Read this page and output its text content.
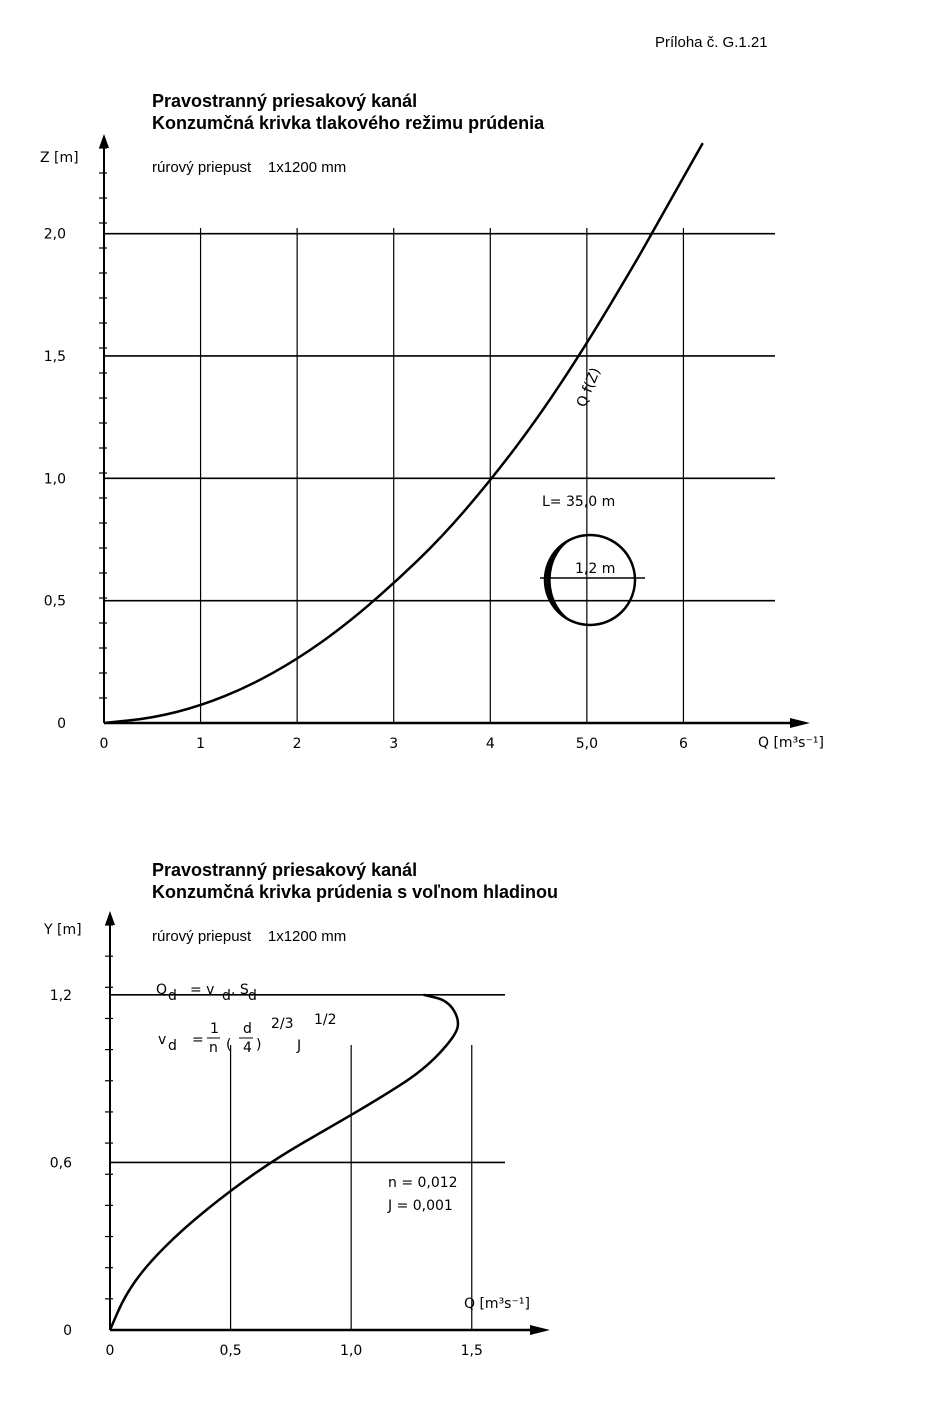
Príloha č. G.1.21
Pravostranný priesakový kanál
Konzumčná krivka tlakového režimu prúdenia
rúrový priepust    1x1200 mm
Pravostranný priesakový kanál
Konzumčná krivka prúdenia s voľnom hladinou
rúrový priepust    1x1200 mm
0	1	2	3	4	5,0	6
0
0,5
1,0
1,5
2,0
Z [m]
Q [m³s⁻¹]
Q f(Z)
L= 35,0 m
1,2 m
0	0,5	1,0	1,5
0
0,6
1,2
Y [m]
Q [m³s⁻¹]
Q d = v d . S d
v d =
1
n (
d
4 )
2/3
J
1/2
n = 0,012
J = 0,001
